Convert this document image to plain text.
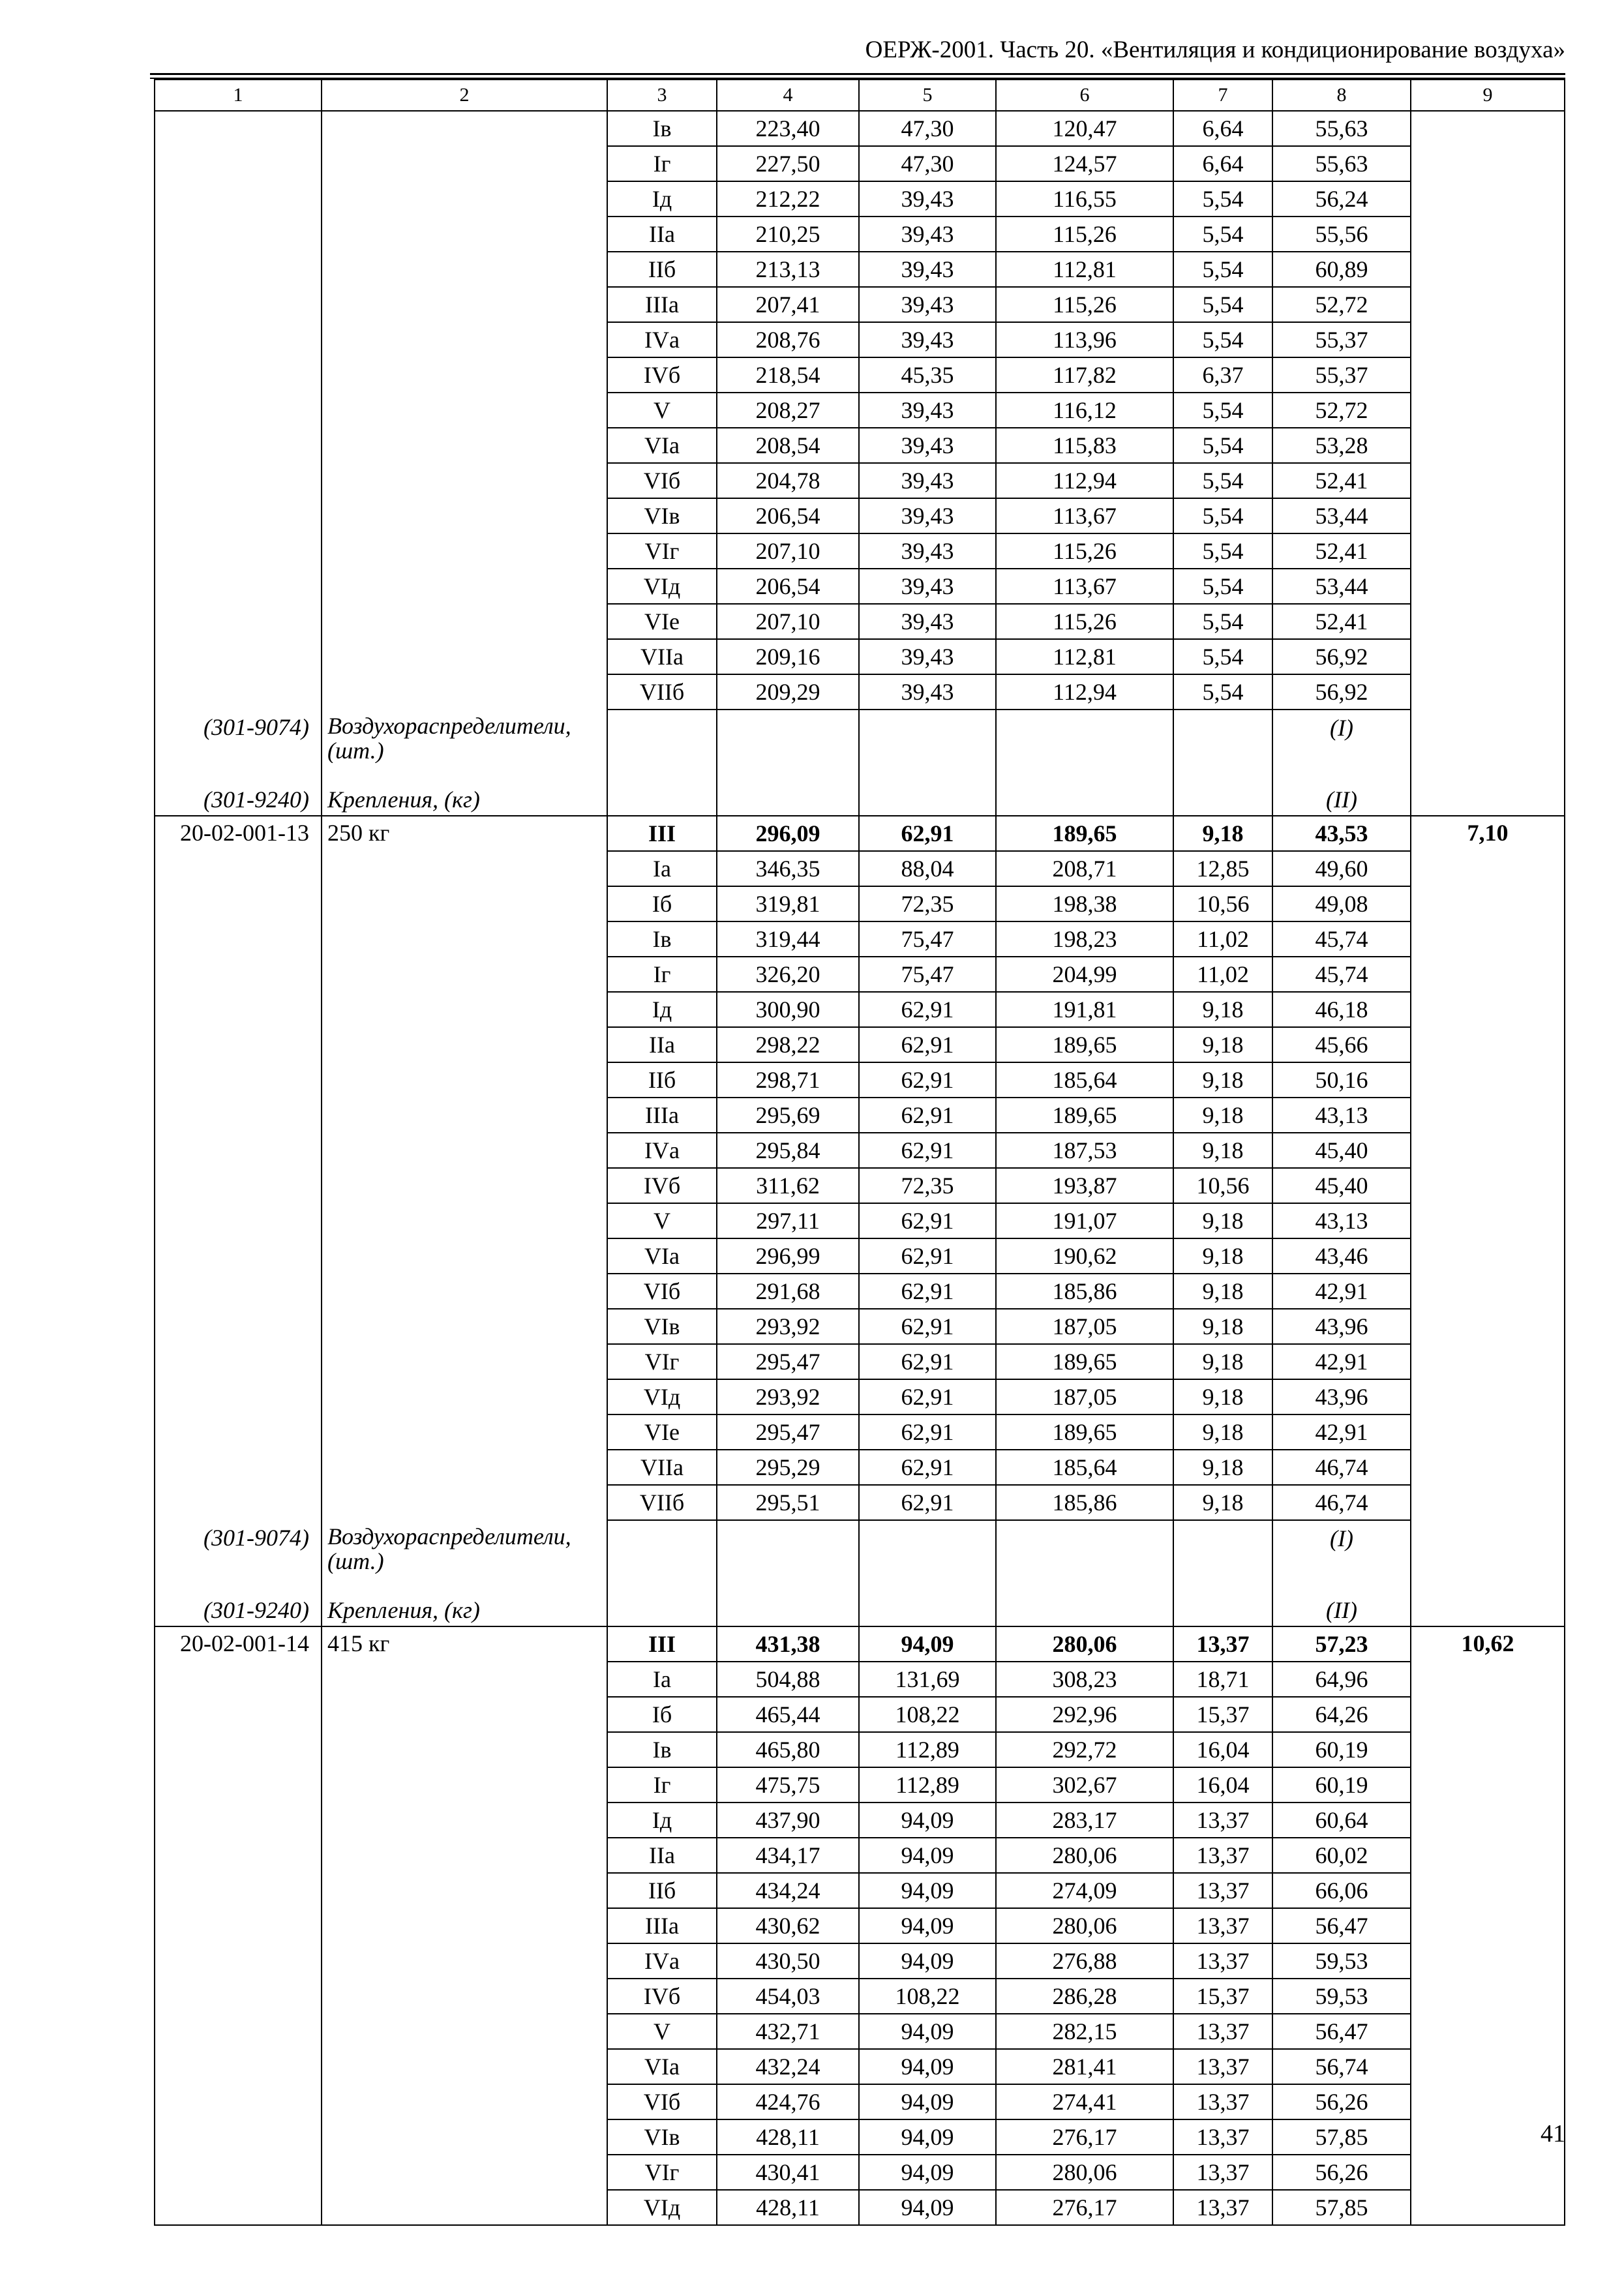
ОЕРЖ-2001. Часть 20. «Вентиляция и кондиционирование воздуха»
1	2	3	4	5	6	7	8	9
		Iв	223,40	47,30	120,47	6,64	55,63	
		Iг	227,50	47,30	124,57	6,64	55,63	
		Iд	212,22	39,43	116,55	5,54	56,24	
		IIа	210,25	39,43	115,26	5,54	55,56	
		IIб	213,13	39,43	112,81	5,54	60,89	
		IIIа	207,41	39,43	115,26	5,54	52,72	
		IVа	208,76	39,43	113,96	5,54	55,37	
		IVб	218,54	45,35	117,82	6,37	55,37	
		V	208,27	39,43	116,12	5,54	52,72	
		VIа	208,54	39,43	115,83	5,54	53,28	
		VIб	204,78	39,43	112,94	5,54	52,41	
		VIв	206,54	39,43	113,67	5,54	53,44	
		VIг	207,10	39,43	115,26	5,54	52,41	
		VIд	206,54	39,43	113,67	5,54	53,44	
		VIе	207,10	39,43	115,26	5,54	52,41	
		VIIа	209,16	39,43	112,81	5,54	56,92	
		VIIб	209,29	39,43	112,94	5,54	56,92	
(301-9074)	Воздухораспределители, (шт.)						(I)	

(301-9240)	Крепления, (кг)						(II)	
20-02-001-13	250 кг	III	296,09	62,91	189,65	9,18	43,53	7,10
		Iа	346,35	88,04	208,71	12,85	49,60	
		Iб	319,81	72,35	198,38	10,56	49,08	
		Iв	319,44	75,47	198,23	11,02	45,74	
		Iг	326,20	75,47	204,99	11,02	45,74	
		Iд	300,90	62,91	191,81	9,18	46,18	
		IIа	298,22	62,91	189,65	9,18	45,66	
		IIб	298,71	62,91	185,64	9,18	50,16	
		IIIа	295,69	62,91	189,65	9,18	43,13	
		IVа	295,84	62,91	187,53	9,18	45,40	
		IVб	311,62	72,35	193,87	10,56	45,40	
		V	297,11	62,91	191,07	9,18	43,13	
		VIа	296,99	62,91	190,62	9,18	43,46	
		VIб	291,68	62,91	185,86	9,18	42,91	
		VIв	293,92	62,91	187,05	9,18	43,96	
		VIг	295,47	62,91	189,65	9,18	42,91	
		VIд	293,92	62,91	187,05	9,18	43,96	
		VIе	295,47	62,91	189,65	9,18	42,91	
		VIIа	295,29	62,91	185,64	9,18	46,74	
		VIIб	295,51	62,91	185,86	9,18	46,74	
(301-9074)	Воздухораспределители, (шт.)						(I)	

(301-9240)	Крепления, (кг)						(II)	
20-02-001-14	415 кг	III	431,38	94,09	280,06	13,37	57,23	10,62
		Iа	504,88	131,69	308,23	18,71	64,96	
		Iб	465,44	108,22	292,96	15,37	64,26	
		Iв	465,80	112,89	292,72	16,04	60,19	
		Iг	475,75	112,89	302,67	16,04	60,19	
		Iд	437,90	94,09	283,17	13,37	60,64	
		IIа	434,17	94,09	280,06	13,37	60,02	
		IIб	434,24	94,09	274,09	13,37	66,06	
		IIIа	430,62	94,09	280,06	13,37	56,47	
		IVа	430,50	94,09	276,88	13,37	59,53	
		IVб	454,03	108,22	286,28	15,37	59,53	
		V	432,71	94,09	282,15	13,37	56,47	
		VIа	432,24	94,09	281,41	13,37	56,74	
		VIб	424,76	94,09	274,41	13,37	56,26	
		VIв	428,11	94,09	276,17	13,37	57,85	
		VIг	430,41	94,09	280,06	13,37	56,26	
		VIд	428,11	94,09	276,17	13,37	57,85	
41
